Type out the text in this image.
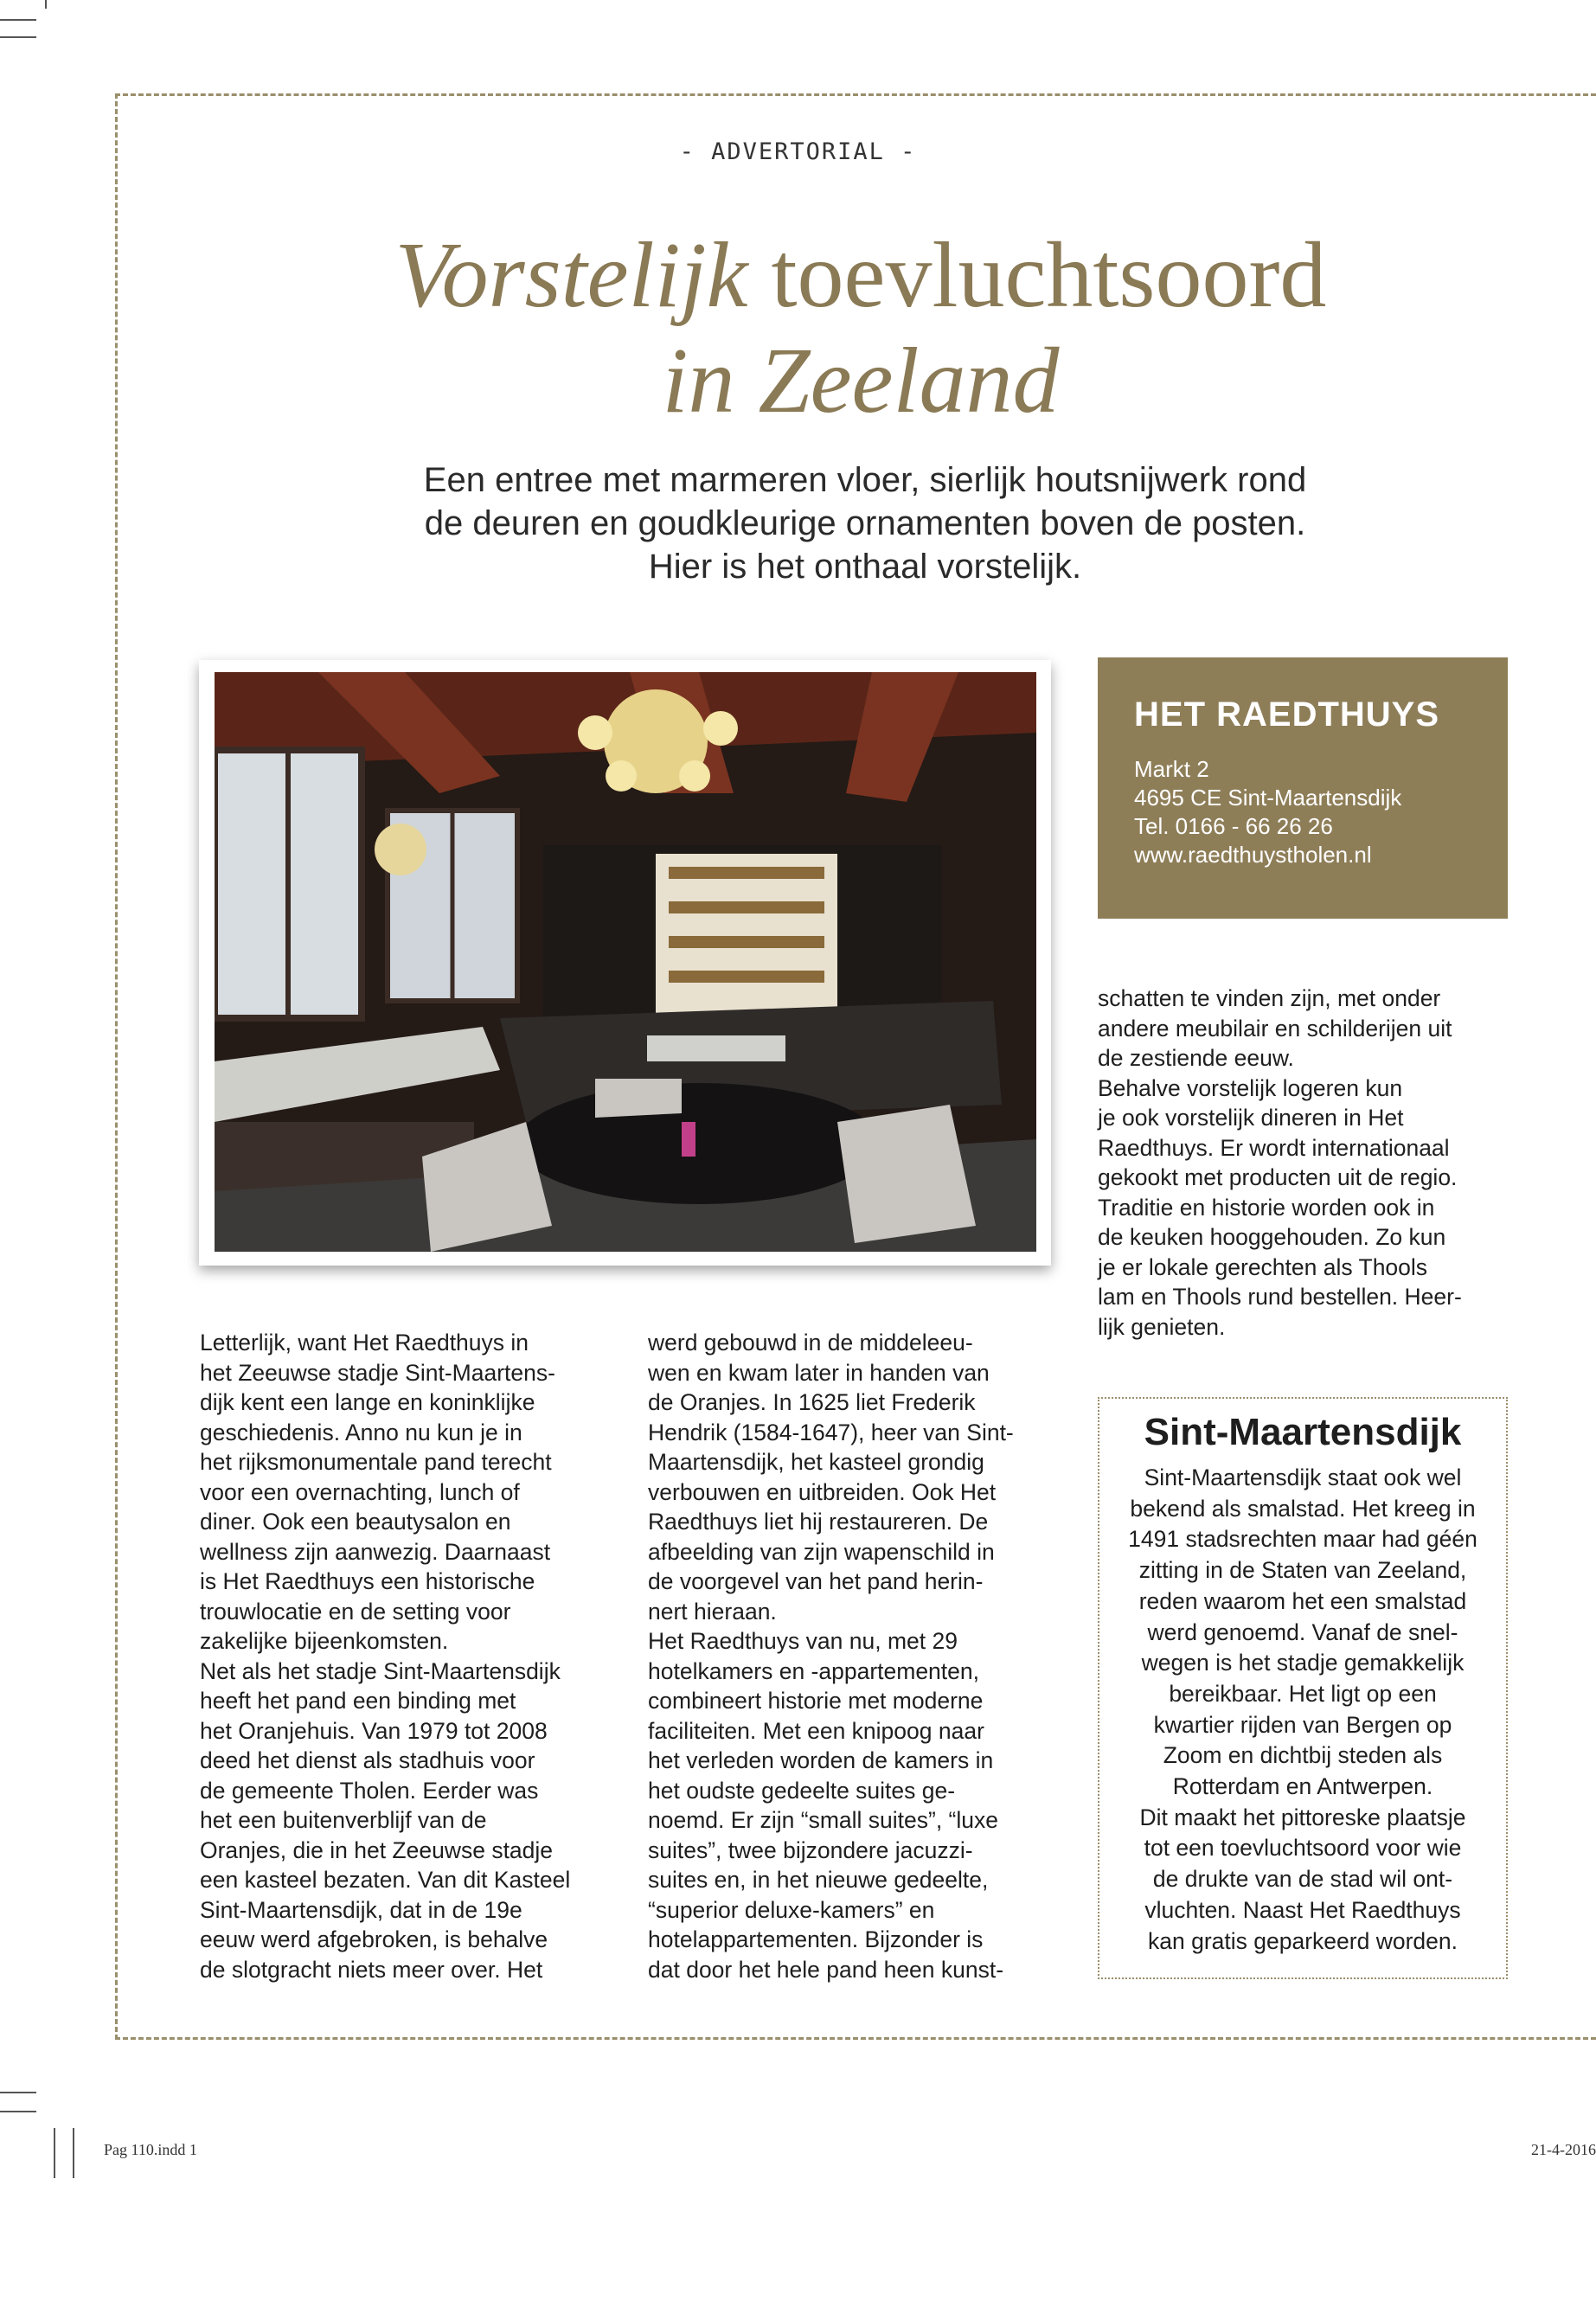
- ADVERTORIAL -
Vorstelijk toevluchtsoord
in Zeeland
Een entree met marmeren vloer, sierlijk houtsnijwerk rond
de deuren en goudkleurige ornamenten boven de posten.
Hier is het onthaal vorstelijk.
HET RAEDTHUYS
Markt 2
4695 CE Sint-Maartensdijk
Tel. 0166 - 66 26 26
www.raedthuystholen.nl

Letterlijk, want Het Raedthuys in

het Zeeuwse stadje Sint-Maartens-

dijk kent een lange en koninklijke

geschiedenis. Anno nu kun je in

het rijksmonumentale pand terecht

voor een overnachting, lunch of

diner. Ook een beautysalon en

wellness zijn aanwezig. Daarnaast

is Het Raedthuys een historische

trouwlocatie en de setting voor

zakelijke bijeenkomsten.

Net als het stadje Sint-Maartensdijk

heeft het pand een binding met

het Oranjehuis. Van 1979 tot 2008

deed het dienst als stadhuis voor

de gemeente Tholen. Eerder was

het een buitenverblijf van de

Oranjes, die in het Zeeuwse stadje

een kasteel bezaten. Van dit Kasteel

Sint-Maartensdijk, dat in de 19e

eeuw werd afgebroken, is behalve

de slotgracht niets meer over. Het

werd gebouwd in de middeleeu-

wen en kwam later in handen van

de Oranjes. In 1625 liet Frederik

Hendrik (1584-1647), heer van Sint-

Maartensdijk, het kasteel grondig

verbouwen en uitbreiden. Ook Het

Raedthuys liet hij restaureren. De

afbeelding van zijn wapenschild in

de voorgevel van het pand herin-

nert hieraan.

Het Raedthuys van nu, met 29

hotelkamers en -appartementen,

combineert historie met moderne

faciliteiten. Met een knipoog naar

het verleden worden de kamers in

het oudste gedeelte suites ge-

noemd. Er zijn “small suites”, “luxe

suites”, twee bijzondere jacuzzi-

suites en, in het nieuwe gedeelte,

“superior deluxe-kamers” en

hotelappartementen. Bijzonder is

dat door het hele pand heen kunst-

schatten te vinden zijn, met onder

andere meubilair en schilderijen uit

de zestiende eeuw.

Behalve vorstelijk logeren kun

je ook vorstelijk dineren in Het

Raedthuys. Er wordt internationaal

gekookt met producten uit de regio.

Traditie en historie worden ook in

de keuken hooggehouden. Zo kun

je er lokale gerechten als Thools

lam en Thools rund bestellen. Heer-

lijk genieten.

Sint-Maartensdijk
Sint-Maartensdijk staat ook wel
bekend als smalstad. Het kreeg in
1491 stadsrechten maar had géén
zitting in de Staten van Zeeland,
reden waarom het een smalstad
werd genoemd. Vanaf de snel-
wegen is het stadje gemakkelijk
bereikbaar. Het ligt op een
kwartier rijden van Bergen op
Zoom en dichtbij steden als
Rotterdam en Antwerpen.
Dit maakt het pittoreske plaatsje
tot een toevluchtsoord voor wie
de drukte van de stad wil ont-
vluchten. Naast Het Raedthuys
kan gratis geparkeerd worden.
Pag 110.indd 1	21-4-2016
